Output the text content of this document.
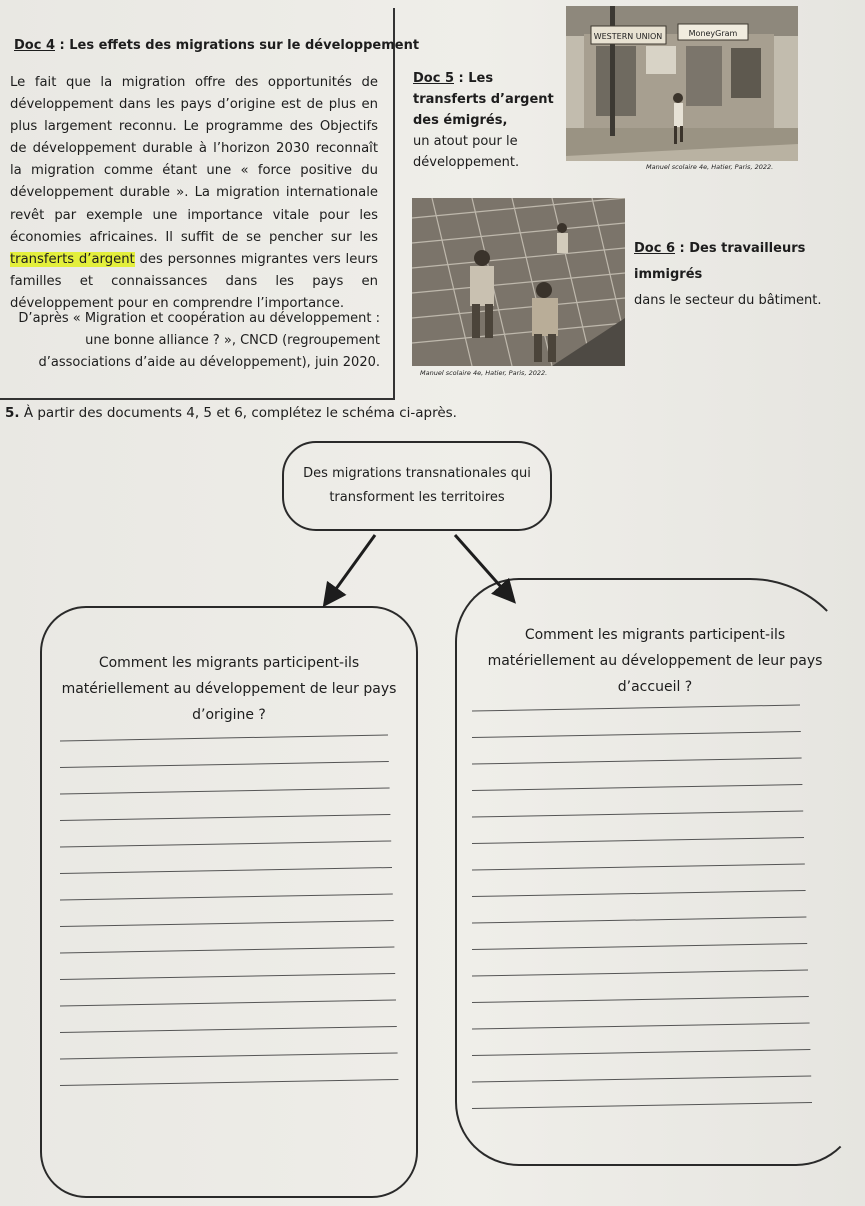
Doc 4 : Les effets des migrations sur le développement

Le fait que la migration offre des opportunités de développement dans les pays d’origine est de plus en plus largement reconnu. Le programme des Objectifs de développement durable à l’horizon 2030 reconnaît la migration comme étant une « force positive du développement durable ». La migration internationale revêt par exemple une importance vitale pour les économies africaines. Il suffit de se pencher sur les transferts d’argent des personnes migrantes vers leurs familles et connaissances dans les pays en développement pour en comprendre l’importance.

D’après « Migration et coopération au développement : une bonne alliance ? », CNCD (regroupement d’associations d’aide au développement), juin 2020.

Doc 5 : Les transferts d’argent des émigrés,
un atout pour le développement.

WESTERN UNION	MoneyGram
Manuel scolaire 4e, Hatier, Paris, 2022.
Manuel scolaire 4e, Hatier, Paris, 2022.

Doc 6 : Des travailleurs immigrés
dans le secteur du bâtiment.

5. À partir des documents 4, 5 et 6, complétez le schéma ci-après.

Des migrations transnationales qui
transforment les territoires

Comment les migrants participent-ils
matériellement au développement de leur pays
d’origine ?

Comment les migrants participent-ils
matériellement au développement de leur pays
d’accueil ?
